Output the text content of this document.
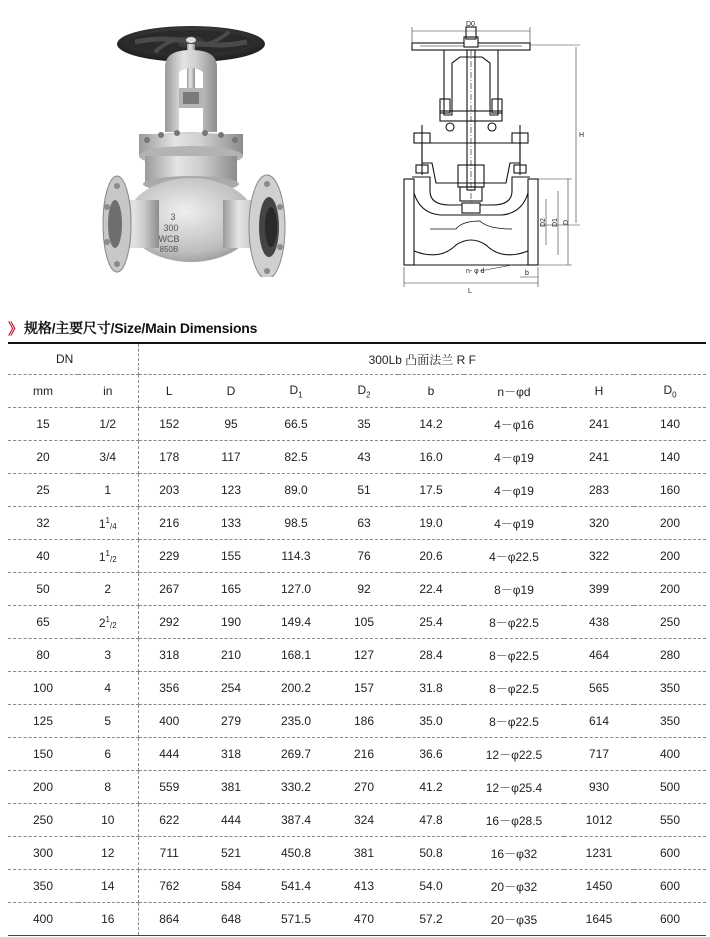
3
300
WCB
850B
D0
H
D2 D1 D
n- φ d	b
L
》 规格/主要尺寸/Size/Main Dimensions
DN		300Lb 凸面法兰 R F							
mm	in	L	D	$D_1$	$D_2$	b	n－φd	H	$D_0$
15	1/2	152	95	66.5	35	14.2	4－φ16	241	140
20	3/4	178	117	82.5	43	16.0	4－φ19	241	140
25	1	203	123	89.0	51	17.5	4－φ19	283	160
32	$1^1/4$	216	133	98.5	63	19.0	4－φ19	320	200
40	$1^1/2$	229	155	114.3	76	20.6	4－φ22.5	322	200
50	2	267	165	127.0	92	22.4	8－φ19	399	200
65	$2^1/2$	292	190	149.4	105	25.4	8－φ22.5	438	250
80	3	318	210	168.1	127	28.4	8－φ22.5	464	280
100	4	356	254	200.2	157	31.8	8－φ22.5	565	350
125	5	400	279	235.0	186	35.0	8－φ22.5	614	350
150	6	444	318	269.7	216	36.6	12－φ22.5	717	400
200	8	559	381	330.2	270	41.2	12－φ25.4	930	500
250	10	622	444	387.4	324	47.8	16－φ28.5	1012	550
300	12	711	521	450.8	381	50.8	16－φ32	1231	600
350	14	762	584	541.4	413	54.0	20－φ32	1450	600
400	16	864	648	571.5	470	57.2	20－φ35	1645	600
